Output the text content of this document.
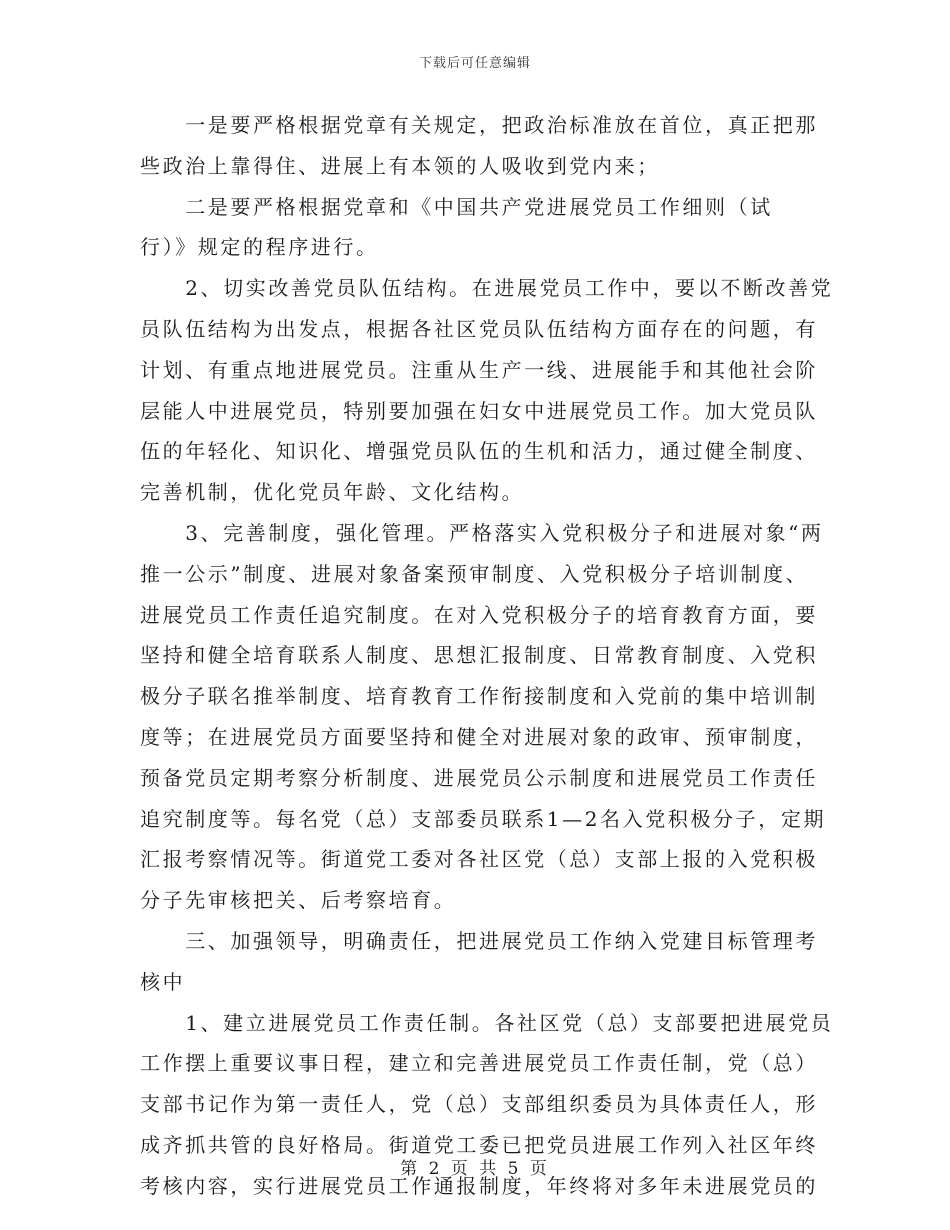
下载后可任意编辑
　　一是要严格根据党章有关规定，把政治标准放在首位，真正把那
些政治上靠得住、进展上有本领的人吸收到党内来；
　　二是要严格根据党章和《中国共产党进展党员工作细则（试
行）》规定的程序进行。
　　2、切实改善党员队伍结构。在进展党员工作中，要以不断改善党
员队伍结构为出发点，根据各社区党员队伍结构方面存在的问题，有
计划、有重点地进展党员。注重从生产一线、进展能手和其他社会阶
层能人中进展党员，特别要加强在妇女中进展党员工作。加大党员队
伍的年轻化、知识化、增强党员队伍的生机和活力，通过健全制度、
完善机制，优化党员年龄、文化结构。
　　3、完善制度，强化管理。严格落实入党积极分子和进展对象“两
推一公示”制度、进展对象备案预审制度、入党积极分子培训制度、
进展党员工作责任追究制度。在对入党积极分子的培育教育方面，要
坚持和健全培育联系人制度、思想汇报制度、日常教育制度、入党积
极分子联名推举制度、培育教育工作衔接制度和入党前的集中培训制
度等；在进展党员方面要坚持和健全对进展对象的政审、预审制度，
预备党员定期考察分析制度、进展党员公示制度和进展党员工作责任
追究制度等。每名党（总）支部委员联系1—2名入党积极分子，定期
汇报考察情况等。街道党工委对各社区党（总）支部上报的入党积极
分子先审核把关、后考察培育。
　　三、加强领导，明确责任，把进展党员工作纳入党建目标管理考
核中
　　1、建立进展党员工作责任制。各社区党（总）支部要把进展党员
工作摆上重要议事日程，建立和完善进展党员工作责任制，党（总）
支部书记作为第一责任人，党（总）支部组织委员为具体责任人，形
成齐抓共管的良好格局。街道党工委已把党员进展工作列入社区年终
考核内容，实行进展党员工作通报制度，年终将对多年未进展党员的
第 2 页 共 5 页
